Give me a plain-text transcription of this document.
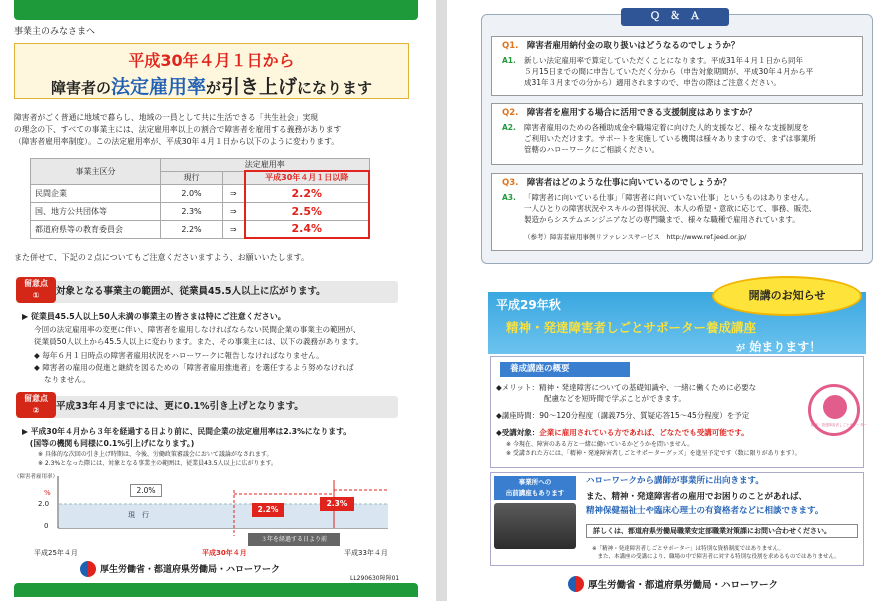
事業主のみなさまへ
平成30年４月１日から
障害者の法定雇用率が引き上げになります
障害者がごく普通に地域で暮らし、地域の一員として共に生活できる「共生社会」実現
の理念の下、すべての事業主には、法定雇用率以上の割合で障害者を雇用する義務があります
（障害者雇用率制度）。この法定雇用率が、平成30年４月１日から以下のように変わります。
事業主区分	法定雇用率		
	現行		平成30年４月１日以降
民間企業	2.0%	⇒	2.2%
国、地方公共団体等	2.3%	⇒	2.5%
都道府県等の教育委員会	2.2%	⇒	2.4%
また併せて、下記の２点についてもご注意くださいますよう、お願いいたします。
対象となる事業主の範囲が、従業員45.5人以上に広がります。
留意点
①
▶ 従業員45.5人以上50人未満の事業主の皆さまは特にご注意ください。
今回の法定雇用率の変更に伴い、障害者を雇用しなければならない民間企業の事業主の範囲が、
従業員50人以上から45.5人以上に変わります。また、その事業主には、以下の義務があります。
◆ 毎年６月１日時点の障害者雇用状況をハローワークに報告しなければなりません。
◆ 障害者の雇用の促進と継続を図るための「障害者雇用推進者」を選任するよう努めなければ
　 なりません。
平成33年４月までには、更に0.1%引き上げとなります。
留意点
②
▶ 平成30年４月から３年を経過する日より前に、民間企業の法定雇用率は2.3%になります。
　(国等の機関も同様に0.1%引上げになります。)
※ 具体的な次回の引き上げ時期は、今後、労働政策審議会において議論がなされます。
※ 2.3%となった際には、対象となる事業主の範囲は、従業員43.5人以上に広がります。
（障害者雇用率）
%
2.0
0
2.0%
現　行
2.2%
2.3%
３年を経過する日より前
平成25年４月	平成30年４月	平成33年４月
厚生労働省・都道府県労働局・ハローワーク
LL290630障障01
Ｑ　＆　Ａ
Q1.　 障害者雇用納付金の取り扱いはどうなるのでしょうか？
A1. 新しい法定雇用率で算定していただくことになります。平成31年４月１日から同年
５月15日までの間に申告していただく分から（申告対象期間が、平成30年４月から平
成31年３月までの分から）適用されますので、申告の際はご注意ください。
Q2.　 障害者を雇用する場合に活用できる支援制度はありますか？
A2. 障害者雇用のための各種助成金や職場定着に向けた人的支援など、様々な支援制度を
ご利用いただけます。サポートを実施している機関は様々ありますので、まずは事業所
管轄のハローワークにご相談ください。
Q3.　 障害者はどのような仕事に向いているのでしょうか？
A3. 「障害者に向いている仕事」「障害者に向いていない仕事」というものはありません。
一人ひとりの障害状況やスキルの習得状況、本人の希望・意欲に応じて、事務、販売、
製造からシステムエンジニアなどの専門職まで、様々な職種で雇用されています。
（参考）障害者雇用事例リファレンスサービス　http://www.ref.jeed.or.jp/
開講のお知らせ
平成29年秋
精神・発達障害者しごとサポーター養成講座
が 始まります！
養成講座の概要
◆メリット：精神・発達障害についての基礎知識や、一緒に働くために必要な
配慮などを短時間で学ぶことができます。
◆講座時間：90～120分程度（講義75分、質疑応答15～45分程度）を予定
◆受講対象：企業に雇用されている方であれば、どなたでも受講可能です。
※ 今現在、障害のある方と一緒に働いているかどうかを問いません。
※ 受講された方には、「精神・発達障害者しごとサポーターグッズ」を進呈予定です（数に限りがあります）。
精神・発達障害者しごとサポーター
事業所への
出前講座もあります
ハローワークから講師が事業所に出向きます。
また、精神・発達障害者の雇用でお困りのことがあれば、
精神保健福祉士や臨床心理士の有資格者などに相談できます。
詳しくは、都道府県労働局職業安定部職業対策課にお問い合わせください。
※「精神・発達障害者しごとサポーター」は特別な資格制度ではありません。
　また、本講座の受講により、職場の中で障害者に対する特別な役割を求めるものではありません。
厚生労働省・都道府県労働局・ハローワーク
